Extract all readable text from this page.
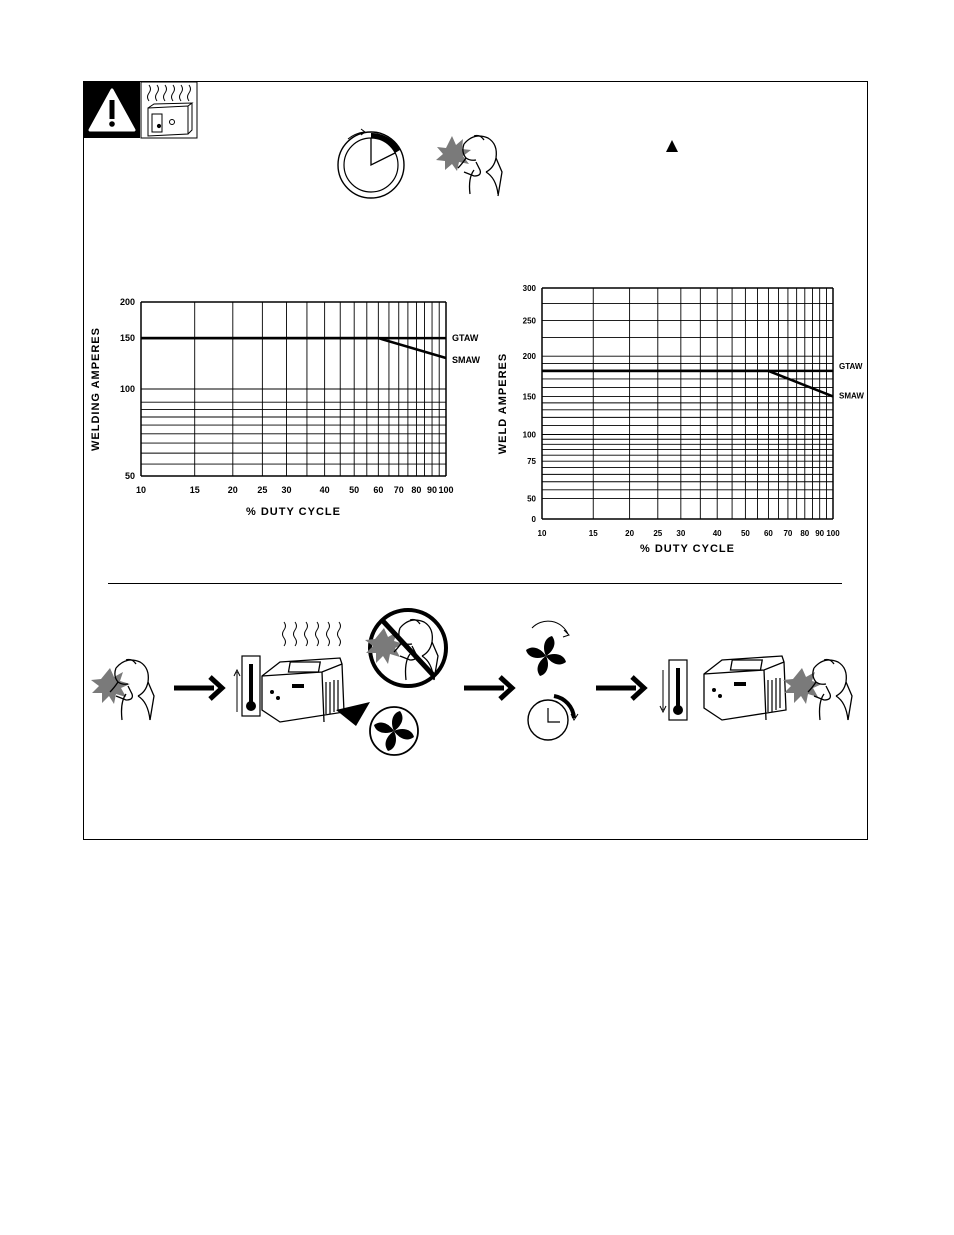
10	15	20 25 30	40 50 60 70 80 90 100
50
100
150
200
% DUTY CYCLE
WELDING AMPERES	GTAW
SMAW
10	15	20 25 30	40 50 60 70 80 90 100
0
50
75
100
150
200
250
300
% DUTY CYCLE
WELD AMPERES	GTAW
SMAW
